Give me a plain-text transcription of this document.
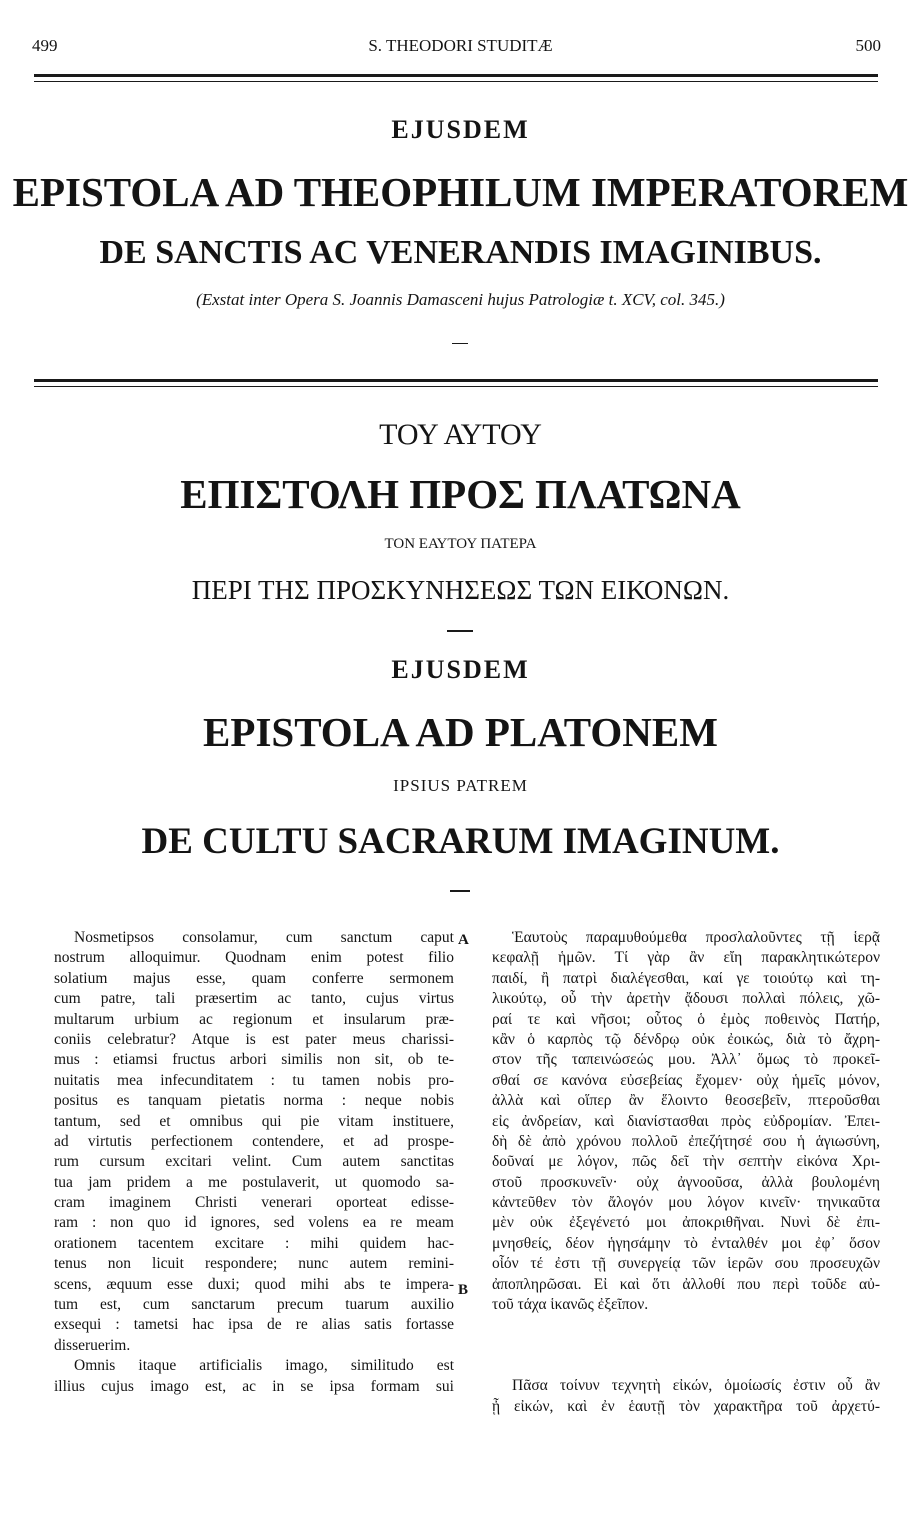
499	S. THEODORI STUDITÆ	500
EJUSDEM
EPISTOLA AD THEOPHILUM IMPERATOREM
DE SANCTIS AC VENERANDIS IMAGINIBUS.
(Exstat inter Opera S. Joannis Damasceni hujus Patrologiæ t. XCV, col. 345.)
ΤΟΥ ΑΥΤΟΥ
ΕΠΙΣΤΟΛΗ ΠΡΟΣ ΠΛΑΤΩΝΑ
ΤΟΝ ΕΑΥΤΟΥ ΠΑΤΕΡΑ
ΠΕΡΙ ΤΗΣ ΠΡΟΣΚΥΝΗΣΕΩΣ ΤΩΝ ΕΙΚΟΝΩΝ.
EJUSDEM
EPISTOLA AD PLATONEM
IPSIUS PATREM
DE CULTU SACRARUM IMAGINUM.
A
B
Nosmetipsos consolamur, cum sanctum caput
nostrum alloquimur. Quodnam enim potest filio
solatium majus esse, quam conferre sermonem
cum patre, tali præsertim ac tanto, cujus virtus
multarum urbium ac regionum et insularum præ-
coniis celebratur? Atque is est pater meus charissi-
mus : etiamsi fructus arbori similis non sit, ob te-
nuitatis mea infecunditatem : tu tamen nobis pro-
positus es tanquam pietatis norma : neque nobis
tantum, sed et omnibus qui pie vitam instituere,
ad virtutis perfectionem contendere, et ad prospe-
rum cursum excitari velint. Cum autem sanctitas
tua jam pridem a me postulaverit, ut quomodo sa-
cram imaginem Christi venerari oporteat edisse-
ram : non quo id ignores, sed volens ea re meam
orationem tacentem excitare : mihi quidem hac-
tenus non licuit respondere; nunc autem remini-
scens, æquum esse duxi; quod mihi abs te impera-
tum est, cum sanctarum precum tuarum auxilio
exsequi : tametsi hac ipsa de re alias satis fortasse
disseruerim.
Omnis itaque artificialis imago, similitudo est
illius cujus imago est, ac in se ipsa formam sui
Ἑαυτοὺς παραμυθούμεθα προσλαλοῦντες τῇ ἱερᾷ
κεφαλῇ ἡμῶν. Τί γὰρ ἂν εἴη παρακλητικώτερον
παιδί, ἢ πατρὶ διαλέγεσθαι, καί γε τοιούτῳ καὶ τη-
λικούτῳ, οὗ τὴν ἀρετὴν ᾄδουσι πολλαὶ πόλεις, χῶ-
ραί τε καὶ νῆσοι; οὗτος ὁ ἐμὸς ποθεινὸς Πατήρ,
κἂν ὁ καρπὸς τῷ δένδρῳ οὐκ ἐοικώς, διὰ τὸ ἄχρη-
στον τῆς ταπεινώσεώς μου. Ἀλλ᾽ ὅμως τὸ προκεῖ-
σθαί σε κανόνα εὐσεβείας ἔχομεν· οὐχ ἡμεῖς μόνον,
ἀλλὰ καὶ οἵπερ ἂν ἕλοιντο θεοσεβεῖν, πτεροῦσθαι
εἰς ἀνδρείαν, καὶ διανίστασθαι πρὸς εὐδρομίαν. Ἐπει-
δὴ δὲ ἀπὸ χρόνου πολλοῦ ἐπεζήτησέ σου ἡ ἁγιωσύνη,
δοῦναί με λόγον, πῶς δεῖ τὴν σεπτὴν εἰκόνα Χρι-
στοῦ προσκυνεῖν· οὐχ ἀγνοοῦσα, ἀλλὰ βουλομένη
κἀντεῦθεν τὸν ἄλογόν μου λόγον κινεῖν· τηνικαῦτα
μὲν οὐκ ἐξεγένετό μοι ἀποκριθῆναι. Νυνὶ δὲ ἐπι-
μνησθείς, δέον ἡγησάμην τὸ ἐνταλθέν μοι ἐφ᾽ ὅσον
οἷόν τέ ἐστι τῇ συνεργείᾳ τῶν ἱερῶν σου προσευχῶν
ἀποπληρῶσαι. Εἰ καὶ ὅτι ἀλλοθί που περὶ τοῦδε αὐ-
τοῦ τάχα ἱκανῶς ἐξεῖπον.
Πᾶσα τοίνυν τεχνητὴ εἰκών, ὁμοίωσίς ἐστιν οὗ ἂν
ᾖ εἰκών, καὶ ἐν ἑαυτῇ τὸν χαρακτῆρα τοῦ ἀρχετύ-
